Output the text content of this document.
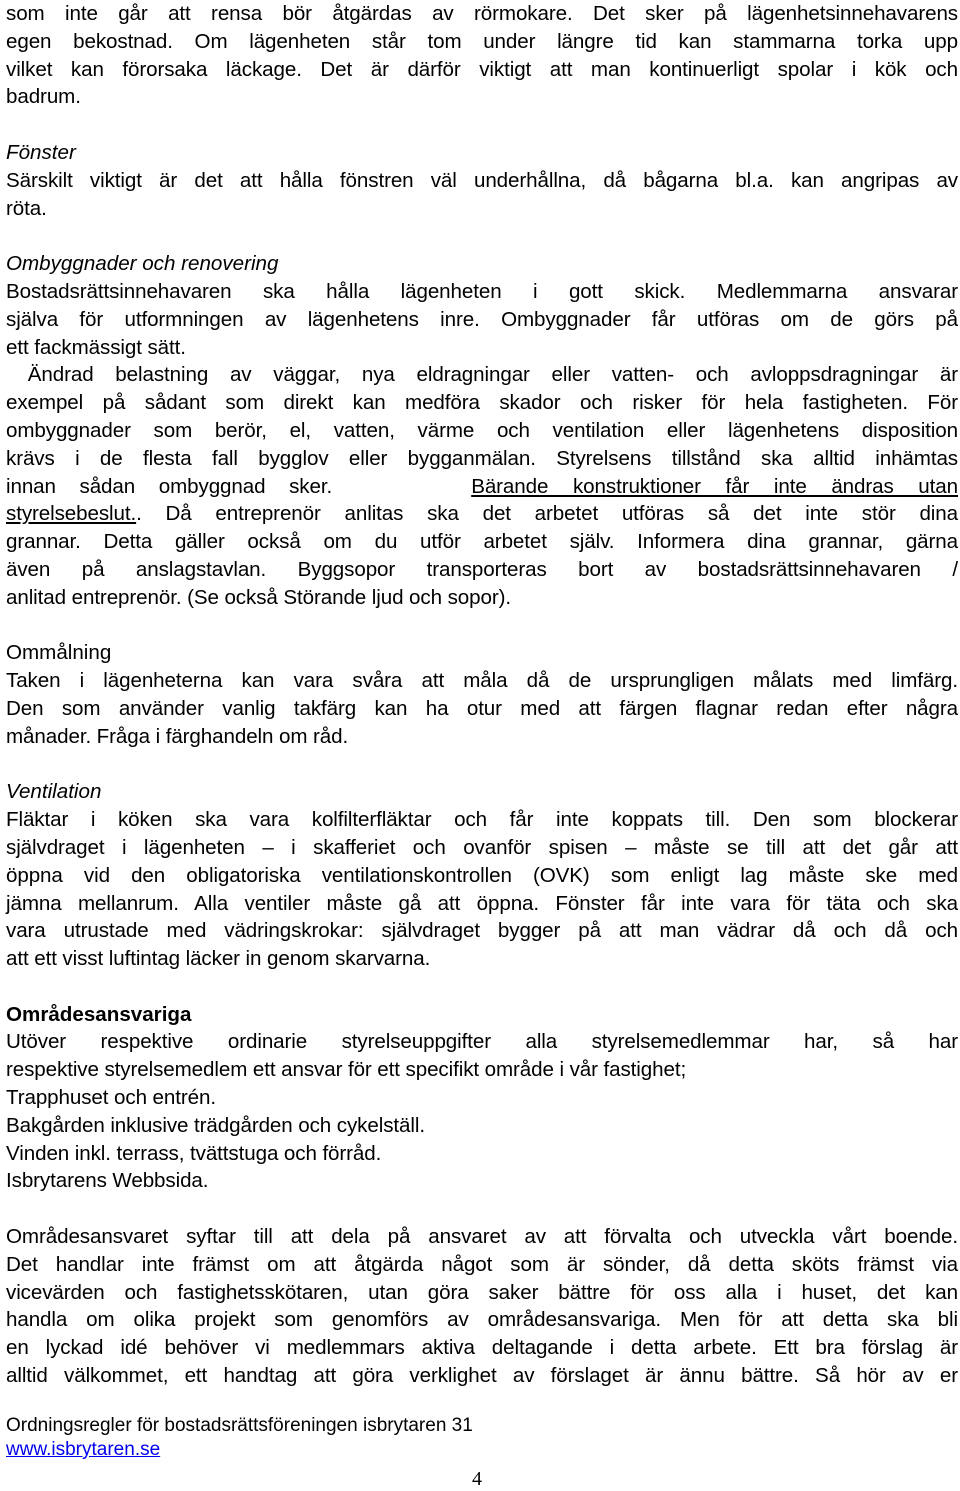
som inte går att rensa bör åtgärdas av rörmokare. Det sker på lägenhetsinnehavarens
egen bekostnad. Om lägenheten står tom under längre tid kan stammarna torka upp
vilket kan förorsaka läckage. Det är därför viktigt att man kontinuerligt spolar i kök och
badrum.
Fönster
Särskilt viktigt är det att hålla fönstren väl underhållna, då bågarna bl.a. kan angripas av
röta.
Ombyggnader och renovering
Bostadsrättsinnehavaren ska hålla lägenheten i gott skick. Medlemmarna ansvarar
själva för utformningen av lägenhetens inre. Ombyggnader får utföras om de görs på
ett fackmässigt sätt.
Ändrad belastning av väggar, nya eldragningar eller vatten- och avloppsdragningar är
exempel på sådant som direkt kan medföra skador och risker för hela fastigheten. För
ombyggnader som berör, el, vatten, värme och ventilation eller lägenhetens disposition
krävs i de flesta fall bygglov eller bygganmälan. Styrelsens tillstånd ska alltid inhämtas
innan sådan ombyggnad sker.	Bärande konstruktioner får inte ändras utan
styrelsebeslut.. Då entreprenör anlitas ska det arbetet utföras så det inte stör dina
grannar. Detta gäller också om du utför arbetet själv. Informera dina grannar, gärna
även på anslagstavlan. Byggsopor transporteras bort av bostadsrättsinnehavaren /
anlitad entreprenör. (Se också Störande ljud och sopor).
Ommålning
Taken i lägenheterna kan vara svåra att måla då de ursprungligen målats med limfärg.
Den som använder vanlig takfärg kan ha otur med att färgen flagnar redan efter några
månader. Fråga i färghandeln om råd.
Ventilation
Fläktar i köken ska vara kolfilterfläktar och får inte koppats till. Den som blockerar
självdraget i lägenheten – i skafferiet och ovanför spisen – måste se till att det går att
öppna vid den obligatoriska ventilationskontrollen (OVK) som enligt lag måste ske med
jämna mellanrum. Alla ventiler måste gå att öppna. Fönster får inte vara för täta och ska
vara utrustade med vädringskrokar: självdraget bygger på att man vädrar då och då och
att ett visst luftintag läcker in genom skarvarna.
Områdesansvariga
Utöver respektive ordinarie styrelseuppgifter alla styrelsemedlemmar har, så har
respektive styrelsemedlem ett ansvar för ett specifikt område i vår fastighet;
Trapphuset och entrén.
Bakgården inklusive trädgården och cykelställ.
Vinden inkl. terrass, tvättstuga och förråd.
Isbrytarens Webbsida.
Områdesansvaret syftar till att dela på ansvaret av att förvalta och utveckla vårt boende.
Det handlar inte främst om att åtgärda något som är sönder, då detta sköts främst via
vicevärden och fastighetsskötaren, utan göra saker bättre för oss alla i huset, det kan
handla om olika projekt som genomförs av områdesansvariga. Men för att detta ska bli
en lyckad idé behöver vi medlemmars aktiva deltagande i detta arbete. Ett bra förslag är
alltid välkommet, ett handtag att göra verklighet av förslaget är ännu bättre. Så hör av er
Ordningsregler för bostadsrättsföreningen isbrytaren 31
www.isbrytaren.se
4
